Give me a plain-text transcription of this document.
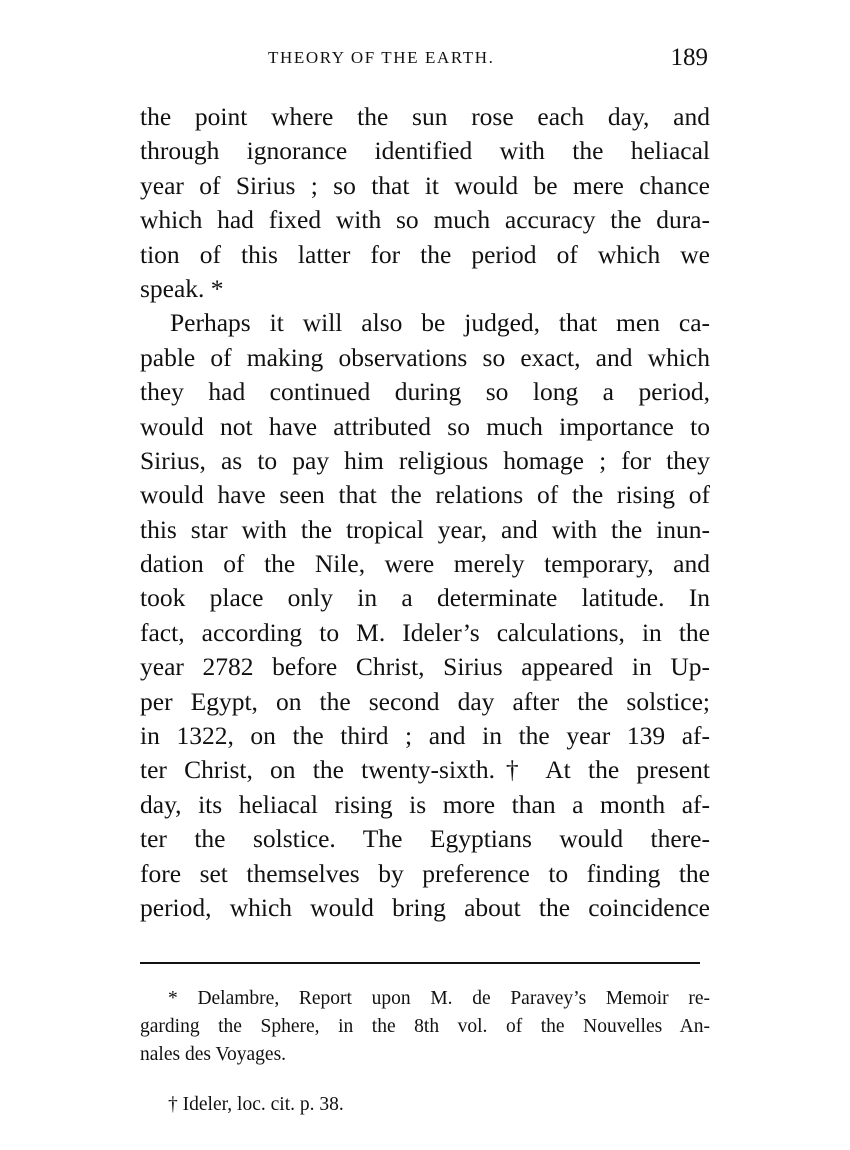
THEORY OF THE EARTH.	189
the point where the sun rose each day, and
through ignorance identified with the heliacal
year of Sirius ; so that it would be mere chance
which had fixed with so much accuracy the dura-
tion of this latter for the period of which we
speak. *
Perhaps it will also be judged, that men ca-
pable of making observations so exact, and which
they had continued during so long a period,
would not have attributed so much importance to
Sirius, as to pay him religious homage ; for they
would have seen that the relations of the rising of
this star with the tropical year, and with the inun-
dation of the Nile, were merely temporary, and
took place only in a determinate latitude. In
fact, according to M. Ideler’s calculations, in the
year 2782 before Christ, Sirius appeared in Up-
per Egypt, on the second day after the solstice;
in 1322, on the third ; and in the year 139 af-
ter Christ, on the twenty-sixth.† At the present
day, its heliacal rising is more than a month af-
ter the solstice. The Egyptians would there-
fore set themselves by preference to finding the
period, which would bring about the coincidence
* Delambre, Report upon M. de Paravey’s Memoir re-
garding the Sphere, in the 8th vol. of the Nouvelles An-
nales des Voyages.
† Ideler, loc. cit. p. 38.
